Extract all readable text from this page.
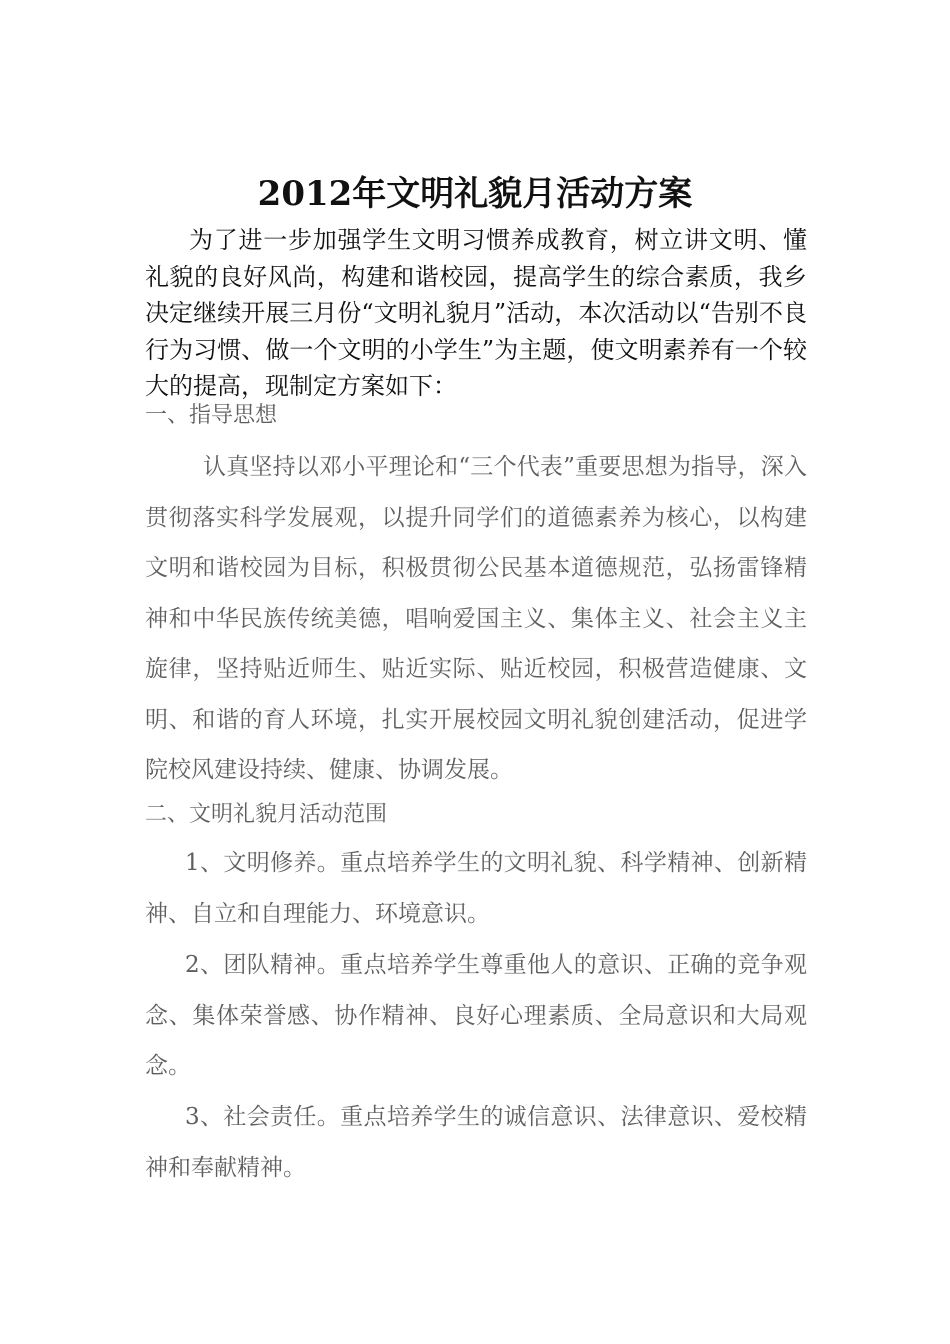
2012年文明礼貌月活动方案

为了进一步加强学生文明习惯养成教育，树立讲文明、懂礼貌的良好风尚，构建和谐校园，提高学生的综合素质，我乡决定继续开展三月份“文明礼貌月”活动，本次活动以“告别不良行为习惯、做一个文明的小学生”为主题，使文明素养有一个较大的提高，现制定方案如下：

一、指导思想

认真坚持以邓小平理论和“三个代表”重要思想为指导，深入贯彻落实科学发展观，以提升同学们的道德素养为核心，以构建文明和谐校园为目标，积极贯彻公民基本道德规范，弘扬雷锋精神和中华民族传统美德，唱响爱国主义、集体主义、社会主义主旋律，坚持贴近师生、贴近实际、贴近校园，积极营造健康、文明、和谐的育人环境，扎实开展校园文明礼貌创建活动，促进学院校风建设持续、健康、协调发展。

二、文明礼貌月活动范围

1、文明修养。重点培养学生的文明礼貌、科学精神、创新精神、自立和自理能力、环境意识。

2、团队精神。重点培养学生尊重他人的意识、正确的竞争观念、集体荣誉感、协作精神、良好心理素质、全局意识和大局观念。

3、社会责任。重点培养学生的诚信意识、法律意识、爱校精神和奉献精神。
